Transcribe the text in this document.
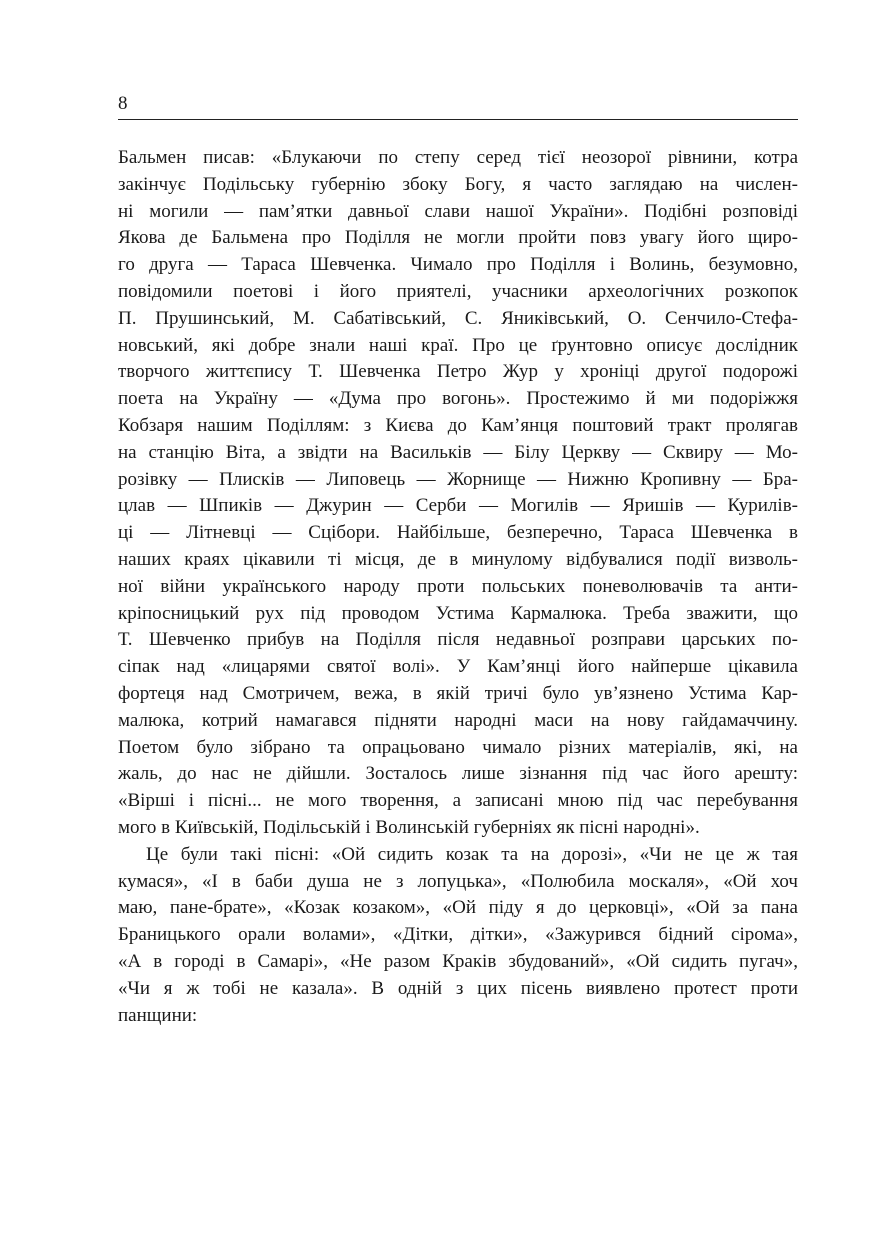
8
Бальмен писав: «Блукаючи по степу серед тієї неозорої рівнини, котра
закінчує Подільську губернію збоку Богу, я часто заглядаю на числен-
ні могили — пам’ятки давньої слави нашої України». Подібні розповіді
Якова де Бальмена про Поділля не могли пройти повз увагу його щиро-
го друга — Тараса Шевченка. Чимало про Поділля і Волинь, безумовно,
повідомили поетові і його приятелі, учасники археологічних розкопок
П. Прушинський, М. Сабатівський, С. Яниківський, О. Сенчило-Стефа-
новський, які добре знали наші краї. Про це ґрунтовно описує дослідник
творчого життєпису Т. Шевченка Петро Жур у хроніці другої подорожі
поета на Україну — «Дума про вогонь». Простежимо й ми подоріжжя
Кобзаря нашим Поділлям: з Києва до Кам’янця поштовий тракт пролягав
на станцію Віта, а звідти на Васильків — Білу Церкву — Сквиру — Мо-
розівку — Плисків — Липовець — Жорнище — Нижню Кропивну — Бра-
цлав — Шпиків — Джурин — Серби — Могилів — Яришів — Курилів-
ці — Літневці — Сцібори. Найбільше, безперечно, Тараса Шевченка в
наших краях цікавили ті місця, де в минулому відбувалися події визволь-
ної війни українського народу проти польських поневолювачів та анти-
кріпосницький рух під проводом Устима Кармалюка. Треба зважити, що
Т. Шевченко прибув на Поділля після недавньої розправи царських по-
сіпак над «лицарями святої волі». У Кам’янці його найперше цікавила
фортеця над Смотричем, вежа, в якій тричі було ув’язнено Устима Кар-
малюка, котрий намагався підняти народні маси на нову гайдамаччину.
Поетом було зібрано та опрацьовано чимало різних матеріалів, які, на
жаль, до нас не дійшли. Зосталось лише зізнання під час його арешту:
«Вірші і пісні... не мого творення, а записані мною під час перебування
мого в Київській, Подільській і Волинській губерніях як пісні народні».
Це були такі пісні: «Ой сидить козак та на дорозі», «Чи не це ж тая
кумася», «І в баби душа не з лопуцька», «Полюбила москаля», «Ой хоч
маю, пане-брате», «Козак козаком», «Ой піду я до церковці», «Ой за пана
Браницького орали волами», «Дітки, дітки», «Зажурився бідний сірома»,
«А в городі в Самарі», «Не разом Краків збудований», «Ой сидить пугач»,
«Чи я ж тобі не казала». В одній з цих пісень виявлено протест проти
панщини:
